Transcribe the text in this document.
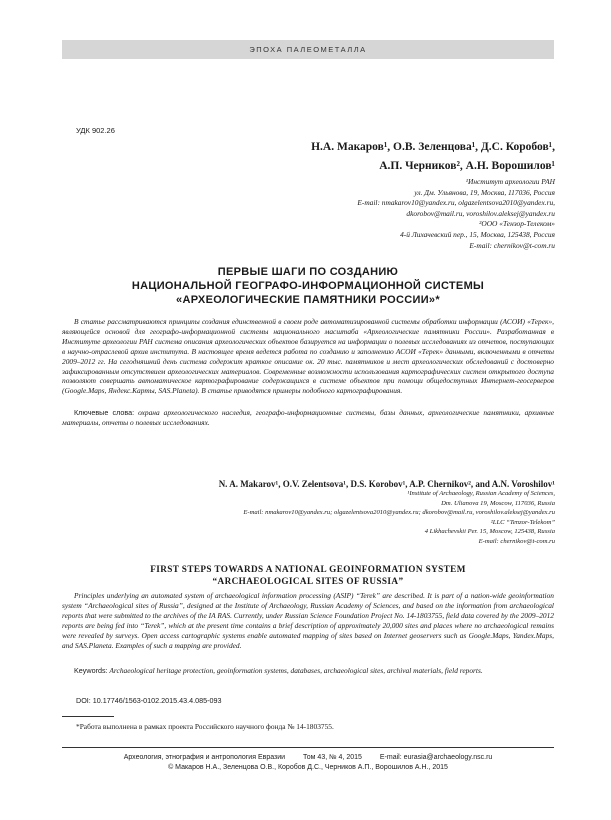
ЭПОХА ПАЛЕОМЕТАЛЛА
УДК 902.26
Н.А. Макаров¹, О.В. Зеленцова¹, Д.С. Коробов¹,
А.П. Черников², А.Н. Ворошилов¹
¹Институт археологии РАН
ул. Дм. Ульянова, 19, Москва, 117036, Россия
E-mail: nmakarov10@yandex.ru, olgazelentsova2010@yandex.ru,
dkorobov@mail.ru, voroshilov.aleksej@yandex.ru
²ООО «Тензор-Телеком»
4-й Лихачевский пер., 15, Москва, 125438, Россия
E-mail: chernikov@t-com.ru
ПЕРВЫЕ ШАГИ ПО СОЗДАНИЮ
НАЦИОНАЛЬНОЙ ГЕОГРАФО-ИНФОРМАЦИОННОЙ СИСТЕМЫ
«АРХЕОЛОГИЧЕСКИЕ ПАМЯТНИКИ РОССИИ»*
В статье рассматриваются принципы создания единственной в своем роде автоматизированной системы обработки информации (АСОИ) «Терек», являющейся основой для географо-информационной системы национального масштаба «Археологические памятники России». Разработанная в Институте археологии РАН система описания археологических объектов базируется на информации о полевых исследованиях из отчетов, поступающих в научно-отраслевой архив института. В настоящее время ведется работа по созданию и заполнению АСОИ «Терек» данными, включенными в отчеты 2009–2012 гг. На сегодняшний день система содержит краткое описание ок. 20 тыс. памятников и мест археологических обследований с достоверно зафиксированным отсутствием археологических материалов. Современные возможности использования картографических систем открытого доступа позволяют совершать автоматическое картографирование содержащихся в системе объектов при помощи общедоступных Интернет-геосерверов (Google.Maps, Яндекс.Карты, SAS.Planeta). В статье приводятся примеры подобного картографирования.
Ключевые слова: охрана археологического наследия, географо-информационные системы, базы данных, археологические памятники, архивные материалы, отчеты о полевых исследованиях.
N. A. Makarov¹, O.V. Zelentsova¹, D.S. Korobov¹, A.P. Chernikov², and A.N. Voroshilov¹
¹Institute of Archaeology, Russian Academy of Sciences,
Dm. Ulianova 19, Moscow, 117036, Russia
E-mail: nmakarov10@yandex.ru; olgazelentsova2010@yandex.ru; dkorobov@mail.ru, voroshilov.aleksej@yandex.ru
²LLC “Tenzor-Telekom”
4 Likhachevskii Per. 15, Moscow, 125438, Russia
E-mail: chernikov@t-com.ru
FIRST STEPS TOWARDS A NATIONAL GEOINFORMATION SYSTEM
“ARCHAEOLOGICAL SITES OF RUSSIA”
Principles underlying an automated system of archaeological information processing (ASIP) “Terek” are described. It is part of a nation-wide geoinformation system “Archaeological sites of Russia”, designed at the Institute of Archaeology, Russian Academy of Sciences, and based on the information from archaeological reports that were submitted to the archives of the IA RAS. Currently, under Russian Science Foundation Project No. 14-1803755, field data covered by the 2009–2012 reports are being fed into “Terek”, which at the present time contains a brief description of approximately 20,000 sites and places where no archaeological remains were revealed by surveys. Open access cartographic systems enable automated mapping of sites based on Internet geoservers such as Google.Maps, Yandex.Maps, and SAS.Planeta. Examples of such a mapping are provided.
Keywords: Archaeological heritage protection, geoinformation systems, databases, archaeological sites, archival materials, field reports.
DOI: 10.17746/1563-0102.2015.43.4.085-093
*Работа выполнена в рамках проекта Российского научного фонда № 14-1803755.
Археология, этнография и антропология Евразии	Том 43, № 4, 2015	E-mail: eurasia@archaeology.nsc.ru
© Макаров Н.А., Зеленцова О.В., Коробов Д.С., Черников А.П., Ворошилов А.Н., 2015
